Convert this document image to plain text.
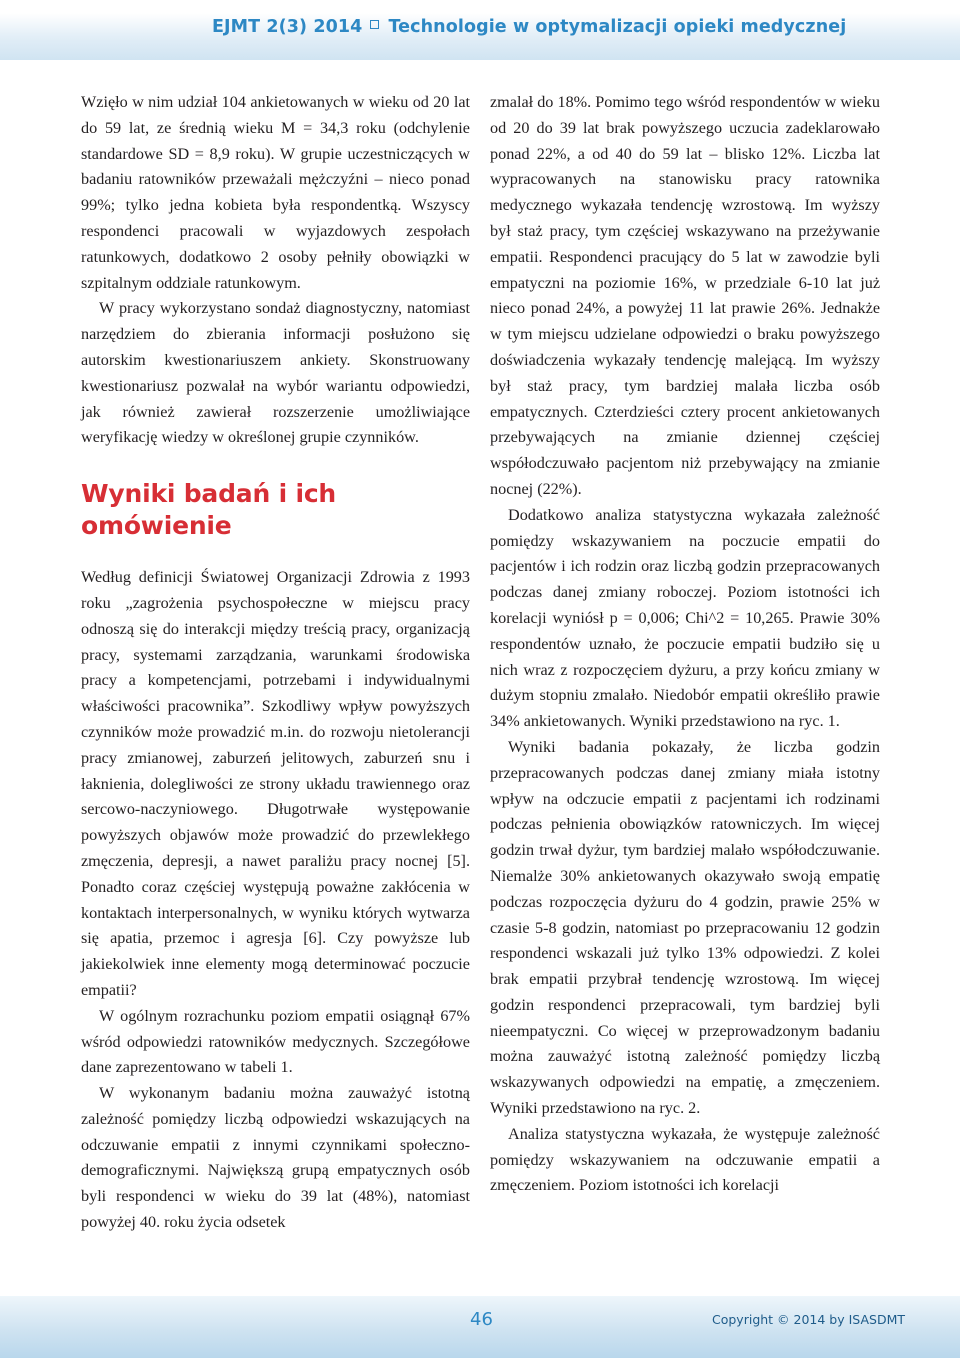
EJMT 2(3) 2014 Technologie w optymalizacji opieki medycznej

Wzięło w nim udział 104 ankietowanych w wieku od 20 lat do 59 lat, ze średnią wieku M = 34,3 roku (odchylenie standardowe SD = 8,9 roku). W grupie uczestniczących w badaniu ratowników przeważali mężczyźni – nieco ponad 99%; tylko jedna kobieta była respondentką. Wszyscy respondenci pracowali w wyjazdowych zespołach ratunkowych, dodatkowo 2 osoby pełniły obowiązki w szpitalnym oddziale ratunkowym.

W pracy wykorzystano sondaż diagnostyczny, natomiast narzędziem do zbierania informacji posłużono się autorskim kwestionariuszem ankiety. Skonstruowany kwestionariusz pozwalał na wybór wariantu odpowiedzi, jak również zawierał rozszerzenie umożliwiające weryfikację wiedzy w określonej grupie czynników.

Wyniki badań i ich omówienie

Według definicji Światowej Organizacji Zdrowia z 1993 roku „zagrożenia psychospołeczne w miejscu pracy odnoszą się do interakcji między treścią pracy, organizacją pracy, systemami zarządzania, warunkami środowiska pracy a kompetencjami, potrzebami i indywidualnymi właściwości pracownika”. Szkodliwy wpływ powyższych czynników może prowadzić m.in. do rozwoju nietolerancji pracy zmianowej, zaburzeń jelitowych, zaburzeń snu i łaknienia, dolegliwości ze strony układu trawiennego oraz sercowo-naczyniowego. Długotrwałe występowanie powyższych objawów może prowadzić do przewlekłego zmęczenia, depresji, a nawet paraliżu pracy nocnej [5]. Ponadto coraz częściej występują poważne zakłócenia w kontaktach interpersonalnych, w wyniku których wytwarza się apatia, przemoc i agresja [6]. Czy powyższe lub jakiekolwiek inne elementy mogą determinować poczucie empatii?

W ogólnym rozrachunku poziom empatii osiągnął 67% wśród odpowiedzi ratowników medycznych. Szczegółowe dane zaprezentowano w tabeli 1.

W wykonanym badaniu można zauważyć istotną zależność pomiędzy liczbą odpowiedzi wskazujących na odczuwanie empatii z innymi czynnikami społeczno-demograficznymi. Największą grupą empatycznych osób byli respondenci w wieku do 39 lat (48%), natomiast powyżej 40. roku życia odsetek

zmalał do 18%. Pomimo tego wśród respondentów w wieku od 20 do 39 lat brak powyższego uczucia zadeklarowało ponad 22%, a od 40 do 59 lat – blisko 12%. Liczba lat wypracowanych na stanowisku pracy ratownika medycznego wykazała tendencję wzrostową. Im wyższy był staż pracy, tym częściej wskazywano na przeżywanie empatii. Respondenci pracujący do 5 lat w zawodzie byli empatyczni na poziomie 16%, w przedziale 6-10 lat już nieco ponad 24%, a powyżej 11 lat prawie 26%. Jednakże w tym miejscu udzielane odpowiedzi o braku powyższego doświadczenia wykazały tendencję malejącą. Im wyższy był staż pracy, tym bardziej malała liczba osób empatycznych. Czterdzieści cztery procent ankietowanych przebywających na zmianie dziennej częściej współodczuwało pacjentom niż przebywający na zmianie nocnej (22%).

Dodatkowo analiza statystyczna wykazała zależność pomiędzy wskazywaniem na poczucie empatii do pacjentów i ich rodzin oraz liczbą godzin przepracowanych podczas danej zmiany roboczej. Poziom istotności ich korelacji wyniósł p = 0,006; Chi^2 = 10,265. Prawie 30% respondentów uznało, że poczucie empatii budziło się u nich wraz z rozpoczęciem dyżuru, a przy końcu zmiany w dużym stopniu zmalało. Niedobór empatii określiło prawie 34% ankietowanych. Wyniki przedstawiono na ryc. 1.

Wyniki badania pokazały, że liczba godzin przepracowanych podczas danej zmiany miała istotny wpływ na odczucie empatii z pacjentami ich rodzinami podczas pełnienia obowiązków ratowniczych. Im więcej godzin trwał dyżur, tym bardziej malało współodczuwanie. Niemalże 30% ankietowanych okazywało swoją empatię podczas rozpoczęcia dyżuru do 4 godzin, prawie 25% w czasie 5-8 godzin, natomiast po przepracowaniu 12 godzin respondenci wskazali już tylko 13% odpowiedzi. Z kolei brak empatii przybrał tendencję wzrostową. Im więcej godzin respondenci przepracowali, tym bardziej byli nieempatyczni. Co więcej w przeprowadzonym badaniu można zauważyć istotną zależność pomiędzy liczbą wskazywanych odpowiedzi na empatię, a zmęczeniem. Wyniki przedstawiono na ryc. 2.

Analiza statystyczna wykazała, że występuje zależność pomiędzy wskazywaniem na odczuwanie empatii a zmęczeniem. Poziom istotności ich korelacji

46	Copyright © 2014 by ISASDMT
